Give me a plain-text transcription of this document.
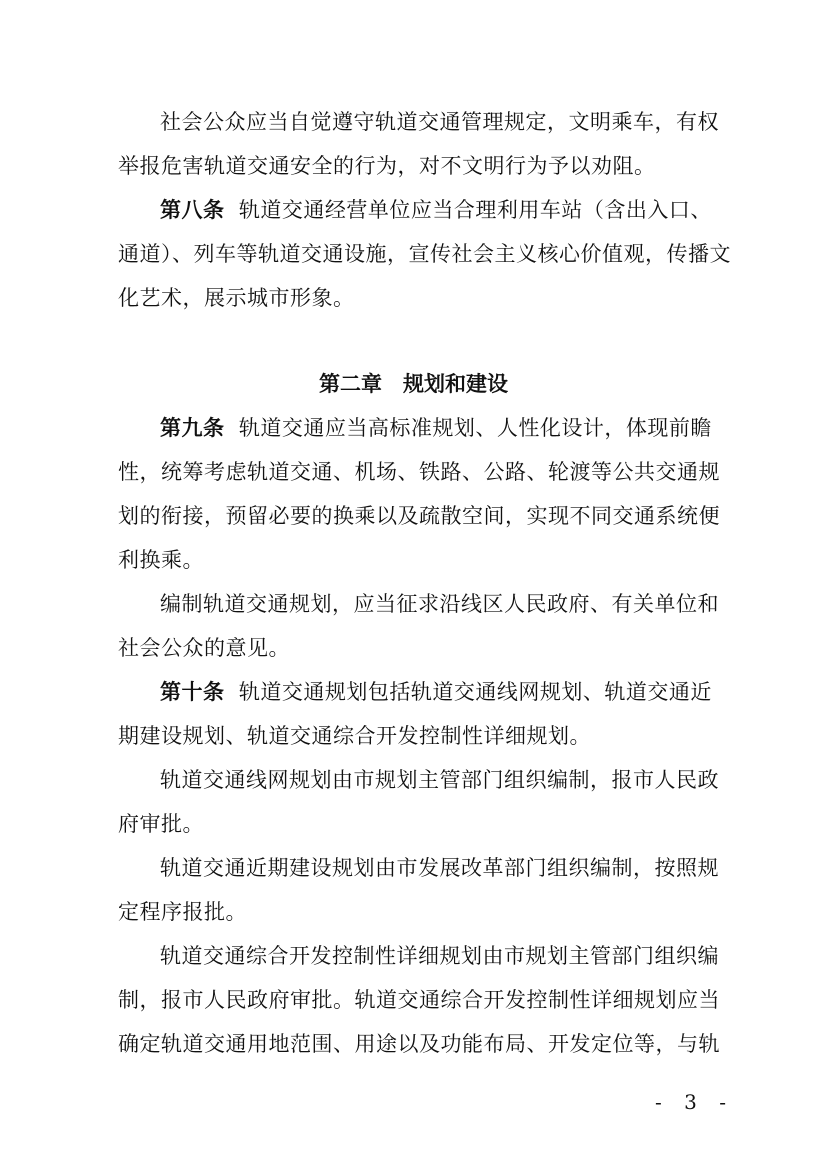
社会公众应当自觉遵守轨道交通管理规定，文明乘车，有权
举报危害轨道交通安全的行为，对不文明行为予以劝阻。
第八条 轨道交通经营单位应当合理利用车站（含出入口、
通道）、列车等轨道交通设施，宣传社会主义核心价值观，传播文
化艺术，展示城市形象。
第二章　规划和建设
第九条 轨道交通应当高标准规划、人性化设计，体现前瞻
性，统筹考虑轨道交通、机场、铁路、公路、轮渡等公共交通规
划的衔接，预留必要的换乘以及疏散空间，实现不同交通系统便
利换乘。
编制轨道交通规划，应当征求沿线区人民政府、有关单位和
社会公众的意见。
第十条 轨道交通规划包括轨道交通线网规划、轨道交通近
期建设规划、轨道交通综合开发控制性详细规划。
轨道交通线网规划由市规划主管部门组织编制，报市人民政
府审批。
轨道交通近期建设规划由市发展改革部门组织编制，按照规
定程序报批。
轨道交通综合开发控制性详细规划由市规划主管部门组织编
制，报市人民政府审批。轨道交通综合开发控制性详细规划应当
确定轨道交通用地范围、用途以及功能布局、开发定位等，与轨
- 3 -
